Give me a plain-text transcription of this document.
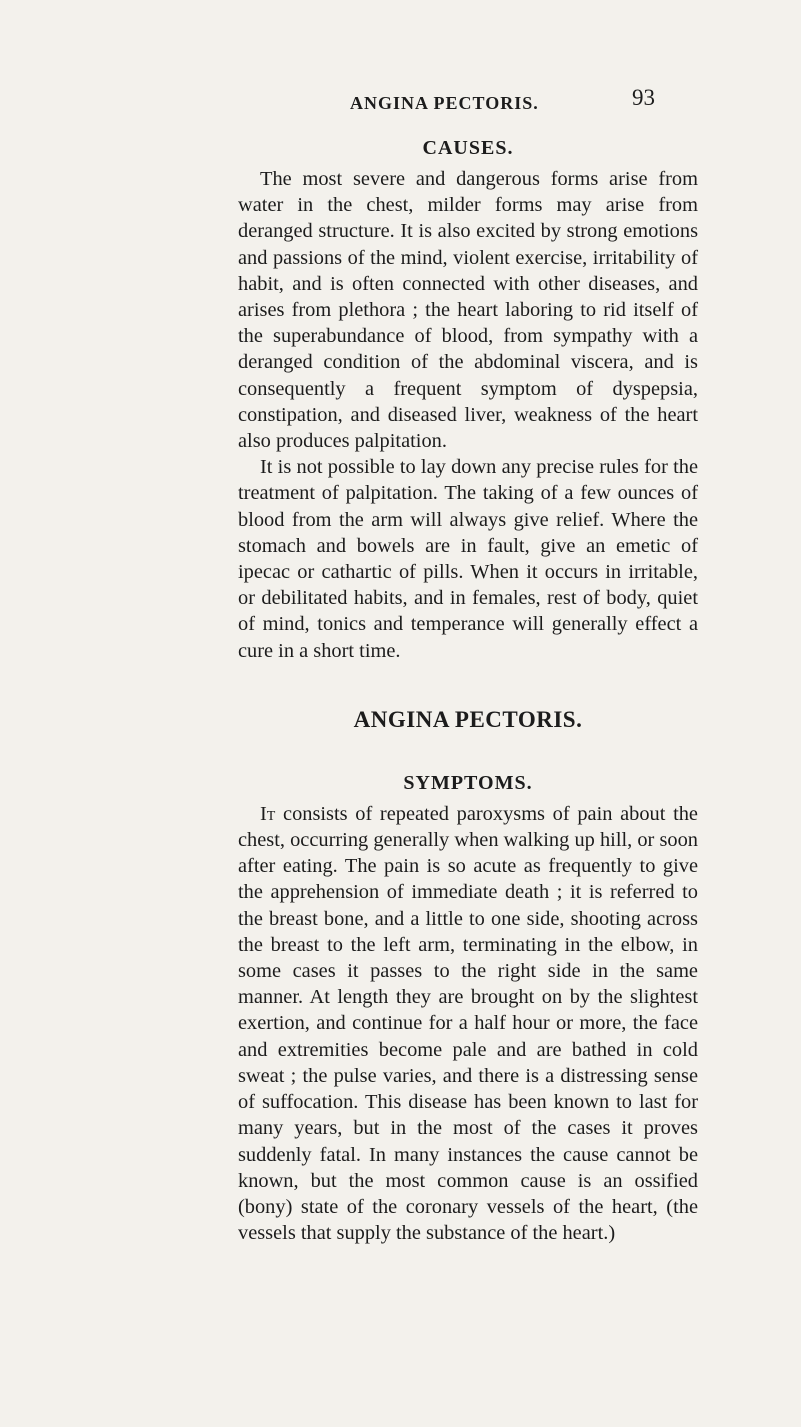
ANGINA PECTORIS.	93
CAUSES.

The most severe and dangerous forms arise from water in the chest, milder forms may arise from deranged structure. It is also excited by strong emotions and passions of the mind, violent exercise, irritability of habit, and is often connected with other diseases, and arises from plethora ; the heart laboring to rid itself of the superabundance of blood, from sympathy with a deranged condition of the abdominal viscera, and is consequently a frequent symptom of dyspepsia, constipation, and diseased liver, weakness of the heart also produces palpitation.

It is not possible to lay down any precise rules for the treatment of palpitation. The taking of a few ounces of blood from the arm will always give relief. Where the stomach and bowels are in fault, give an emetic of ipecac or cathartic of pills. When it occurs in irritable, or debilitated habits, and in females, rest of body, quiet of mind, tonics and temperance will generally effect a cure in a short time.

ANGINA PECTORIS.
SYMPTOMS.

It consists of repeated paroxysms of pain about the chest, occurring generally when walking up hill, or soon after eating. The pain is so acute as frequently to give the apprehension of immediate death ; it is referred to the breast bone, and a little to one side, shooting across the breast to the left arm, terminating in the elbow, in some cases it passes to the right side in the same manner. At length they are brought on by the slightest exertion, and continue for a half hour or more, the face and extremities become pale and are bathed in cold sweat ; the pulse varies, and there is a distressing sense of suffocation. This disease has been known to last for many years, but in the most of the cases it proves suddenly fatal. In many instances the cause cannot be known, but the most common cause is an ossified (bony) state of the coronary vessels of the heart, (the vessels that supply the substance of the heart.)
